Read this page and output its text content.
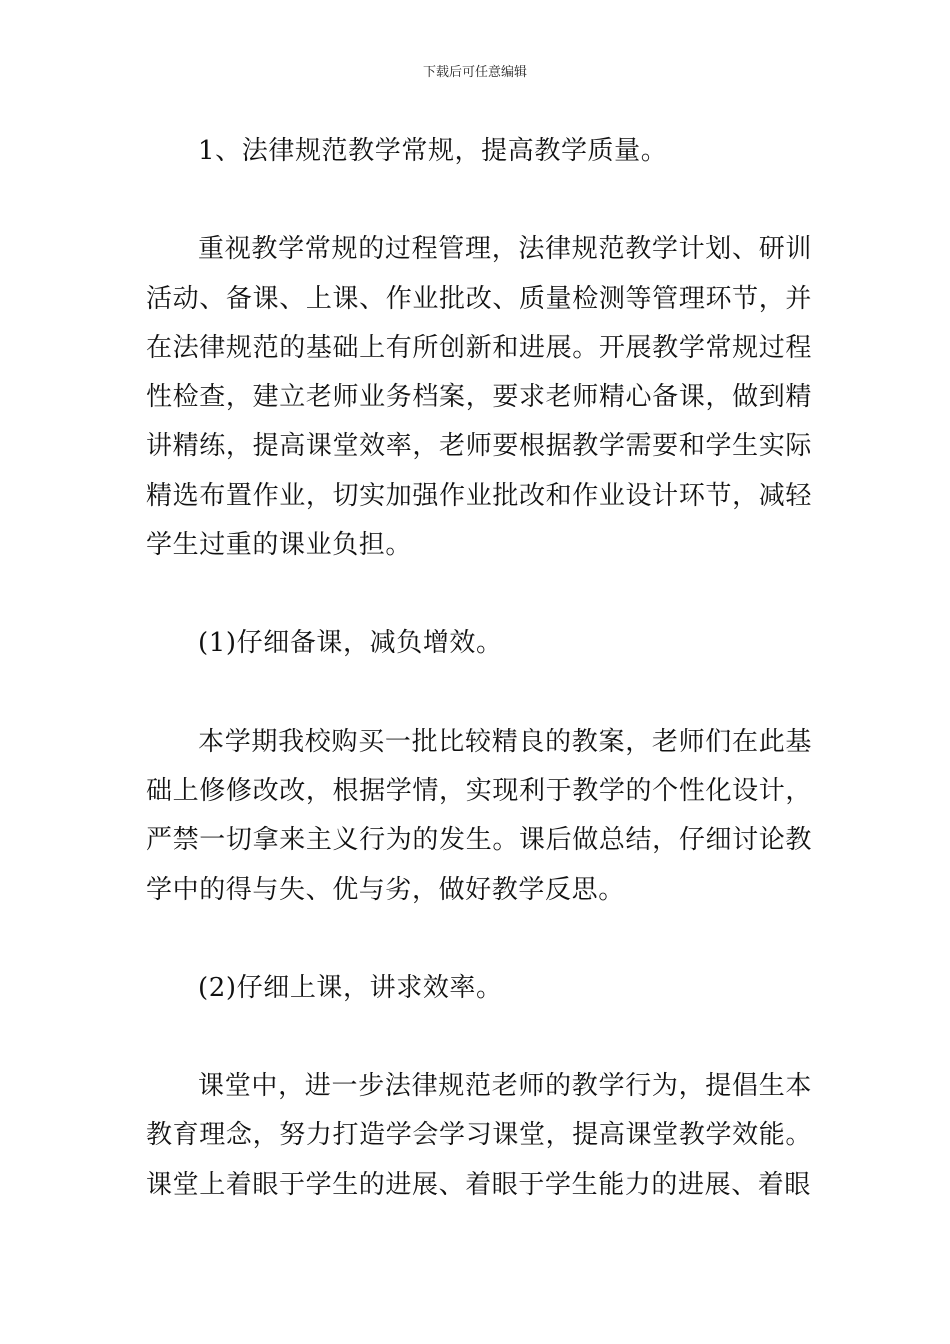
下载后可任意编辑

1、法律规范教学常规，提高教学质量。

重视教学常规的过程管理，法律规范教学计划、研训活动、备课、上课、作业批改、质量检测等管理环节，并在法律规范的基础上有所创新和进展。开展教学常规过程性检查，建立老师业务档案，要求老师精心备课，做到精讲精练，提高课堂效率，老师要根据教学需要和学生实际精选布置作业，切实加强作业批改和作业设计环节，减轻学生过重的课业负担。

(1)仔细备课，减负增效。

本学期我校购买一批比较精良的教案，老师们在此基础上修修改改，根据学情，实现利于教学的个性化设计，严禁一切拿来主义行为的发生。课后做总结，仔细讨论教学中的得与失、优与劣，做好教学反思。

(2)仔细上课，讲求效率。

课堂中，进一步法律规范老师的教学行为，提倡生本教育理念，努力打造学会学习课堂，提高课堂教学效能。课堂上着眼于学生的进展、着眼于学生能力的进展、着眼
